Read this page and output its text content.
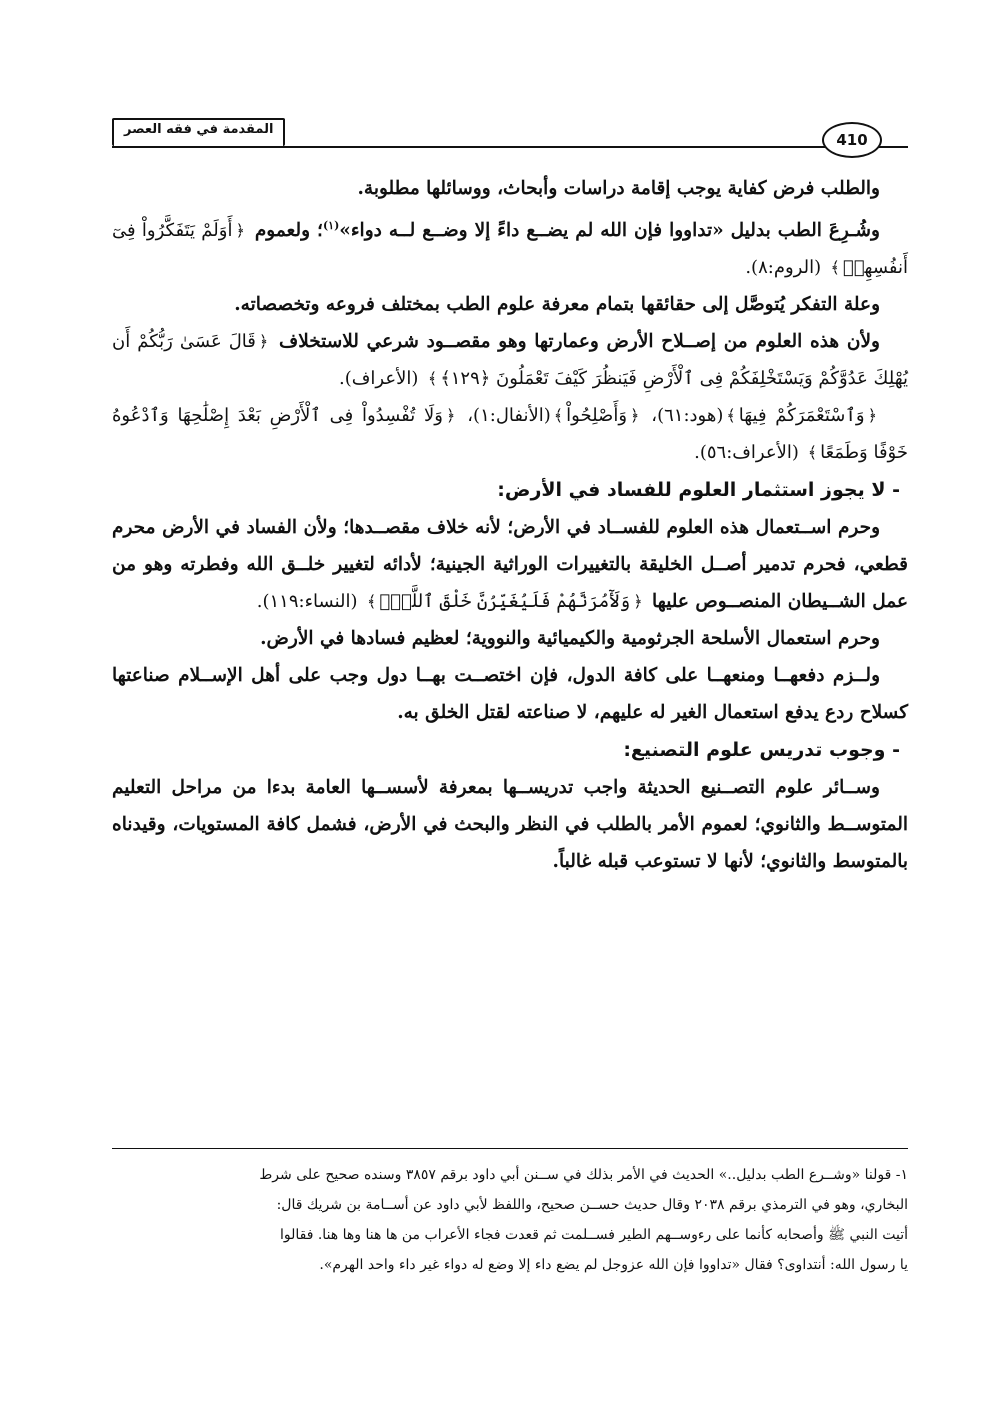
المقدمة في فقه العصر
410

والطلب فرض كفاية يوجب إقامة دراسات وأبحاث، ووسائلها مطلوبة.

وشُـرِعَ الطب بدليل «تداووا فإن الله لم يضــع داءً إلا وضــع لــه دواء»$^{(١)}$؛ ولعموم ﴿أَوَلَمْ يَتَفَكَّرُواْ فِىٓ أَنفُسِهِمۗ﴾ (الروم:٨).

وعلة التفكر يُتوصَّل إلى حقائقها بتمام معرفة علوم الطب بمختلف فروعه وتخصصاته.

ولأن هذه العلوم من إصــلاح الأرض وعمارتها وهو مقصــود شرعي للاستخلاف ﴿قَالَ عَسَىٰ رَبُّكُمْ أَن يُهْلِكَ عَدُوَّكُمْ وَيَسْتَخْلِفَكُمْ فِى ٱلْأَرْضِ فَيَنظُرَ كَيْفَ تَعْمَلُونَ ﴿١٢٩﴾﴾ (الأعراف).

﴿وَٱسْتَعْمَرَكُمْ فِيهَا﴾(هود:٦١)، ﴿وَأَصْلِحُواْ﴾(الأنفال:١)، ﴿وَلَا تُفْسِدُواْ فِى ٱلْأَرْضِ بَعْدَ إِصْلَٰحِهَا وَٱدْعُوهُ خَوْفًا وَطَمَعًا﴾ (الأعراف:٥٦).

- لا يجوز استثمار العلوم للفساد في الأرض:

وحرم اســتعمال هذه العلوم للفســاد في الأرض؛ لأنه خلاف مقصــدها؛ ولأن الفساد في الأرض محرم قطعي، فحرم تدمير أصــل الخليقة بالتغييرات الوراثية الجينية؛ لأدائه لتغيير خلــق الله وفطرته وهو من عمل الشــيطان المنصــوص عليها ﴿وَلَأٓمُرَنَّهُمْ فَلَيُغَيِّرُنَّ خَلْقَ ٱللَّهِۚ﴾ (النساء:١١٩).

وحرم استعمال الأسلحة الجرثومية والكيميائية والنووية؛ لعظيم فسادها في الأرض.

ولــزم دفعهــا ومنعهــا على كافة الدول، فإن اختصــت بهــا دول وجب على أهل الإســلام صناعتها كسلاح ردع يدفع استعمال الغير له عليهم، لا صناعته لقتل الخلق به.

- وجوب تدريس علوم التصنيع:

وســائر علوم التصــنيع الحديثة واجب تدريســها بمعرفة لأسســها العامة بدءا من مراحل التعليم المتوســط والثانوي؛ لعموم الأمر بالطلب في النظر والبحث في الأرض، فشمل كافة المستويات، وقيدناه بالمتوسط والثانوي؛ لأنها لا تستوعب قبله غالباً.

١- قولنا «وشــرع الطب بدليل..» الحديث في الأمر بذلك في ســنن أبي داود برقم ٣٨٥٧ وسنده صحيح على شرط

البخاري، وهو في الترمذي برقم ٢٠٣٨ وقال حديث حســن صحيح، واللفظ لأبي داود عن أســامة بن شريك قال:

أتيت النبي ﷺ وأصحابه كأنما على رءوســهم الطير فســلمت ثم قعدت فجاء الأعراب من ها هنا وها هنا. فقالوا

يا رسول الله: أنتداوى؟ فقال «تداووا فإن الله عزوجل لم يضع داء إلا وضع له دواء غير داء واحد الهرم».
